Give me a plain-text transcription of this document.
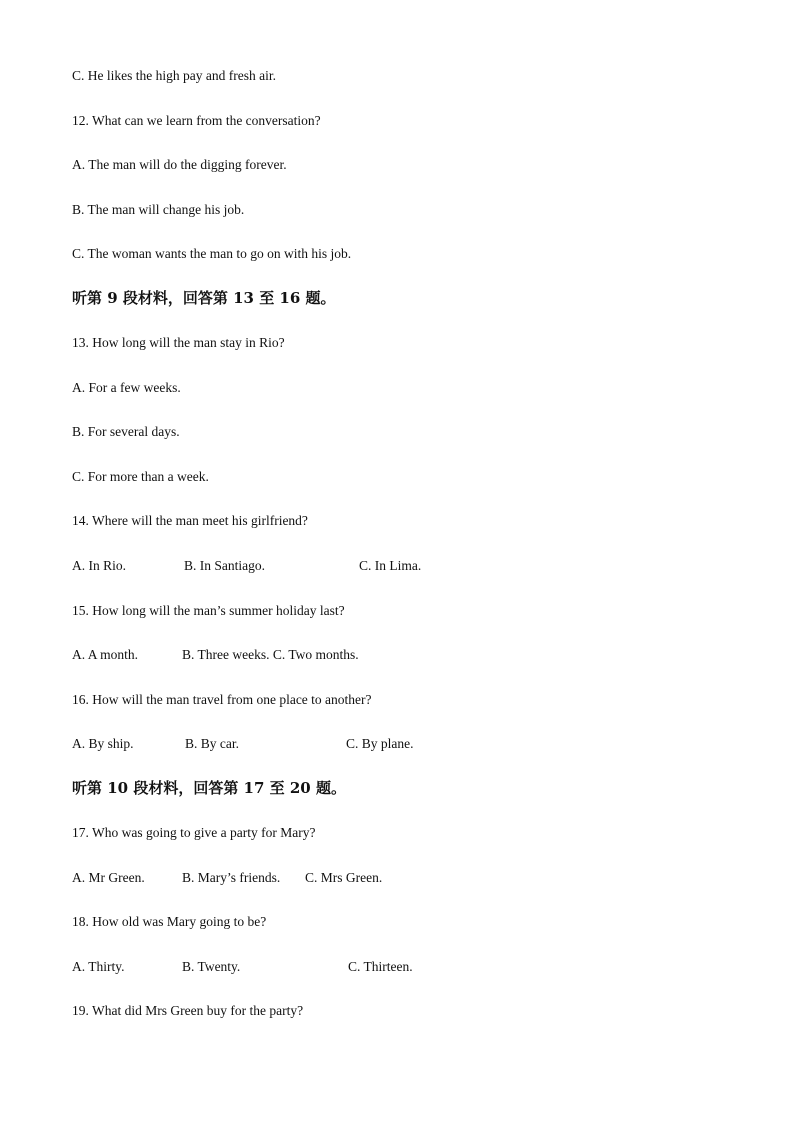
C. He likes the high pay and fresh air.
12. What can we learn from the conversation?
A. The man will do the digging forever.
B. The man will change his job.
C. The woman wants the man to go on with his job.
听第 9 段材料，回答第 13 至 16 题。
13. How long will the man stay in Rio?
A. For a few weeks.
B. For several days.
C. For more than a week.
14. Where will the man meet his girlfriend?
A. In Rio.	B. In Santiago.	C. In Lima.
15. How long will the man’s summer holiday last?
A. A month.	B. Three weeks. C. Two months.
16. How will the man travel from one place to another?
A. By ship.	B. By car.	C. By plane.
听第 10 段材料，回答第 17 至 20 题。
17. Who was going to give a party for Mary?
A. Mr Green.	B. Mary’s friends. C. Mrs Green.
18. How old was Mary going to be?
A. Thirty.	B. Twenty.	C. Thirteen.
19. What did Mrs Green buy for the party?
